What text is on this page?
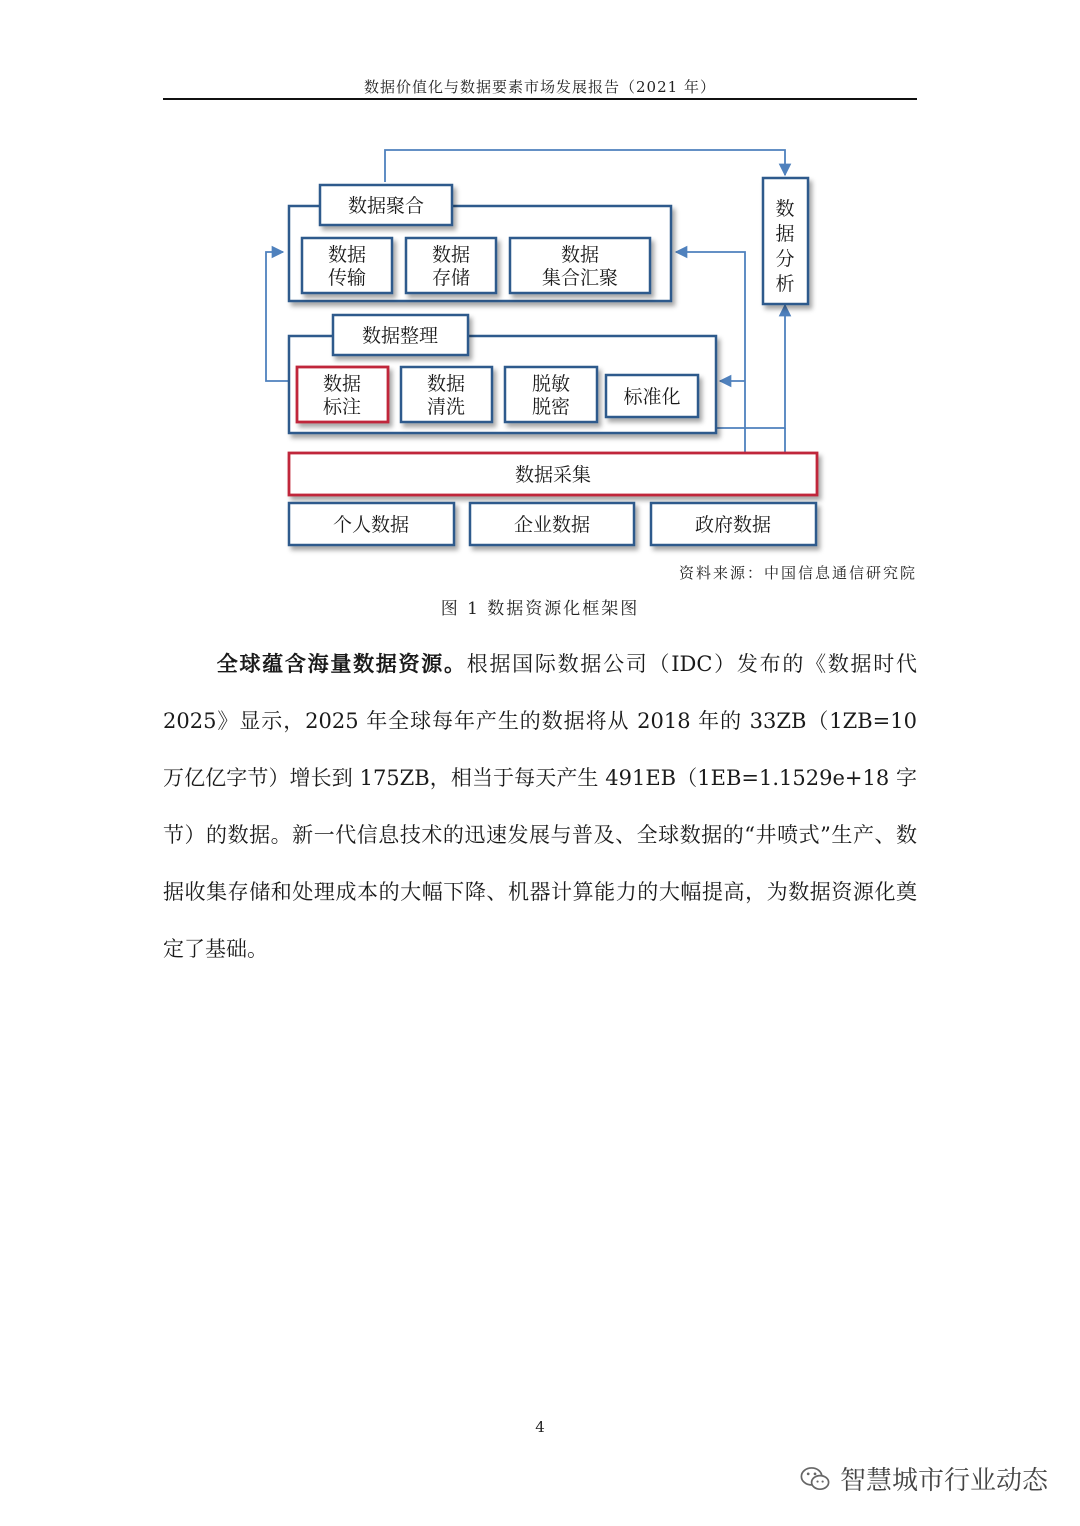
数据价值化与数据要素市场发展报告（2021 年）
数据聚合
数据
传输
数据
存储
数据
集合汇聚
数据整理
数据
标注
数据
清洗
脱敏
脱密	标准化
数
据
分
析
数据采集
个人数据	企业数据	政府数据
资料来源：中国信息通信研究院
图 1 数据资源化框架图
全球蕴含海量数据资源。根据国际数据公司（IDC）发布的《数据时代 2025》显示，2025 年全球每年产生的数据将从 2018 年的 33ZB（1ZB=10 万亿亿字节）增长到 175ZB，相当于每天产生 491EB（1EB=1.1529e+18 字节）的数据。新一代信息技术的迅速发展与普及、全球数据的“井喷式”生产、数据收集存储和处理成本的大幅下降、机器计算能力的大幅提高，为数据资源化奠定了基础。
4
智慧城市行业动态
